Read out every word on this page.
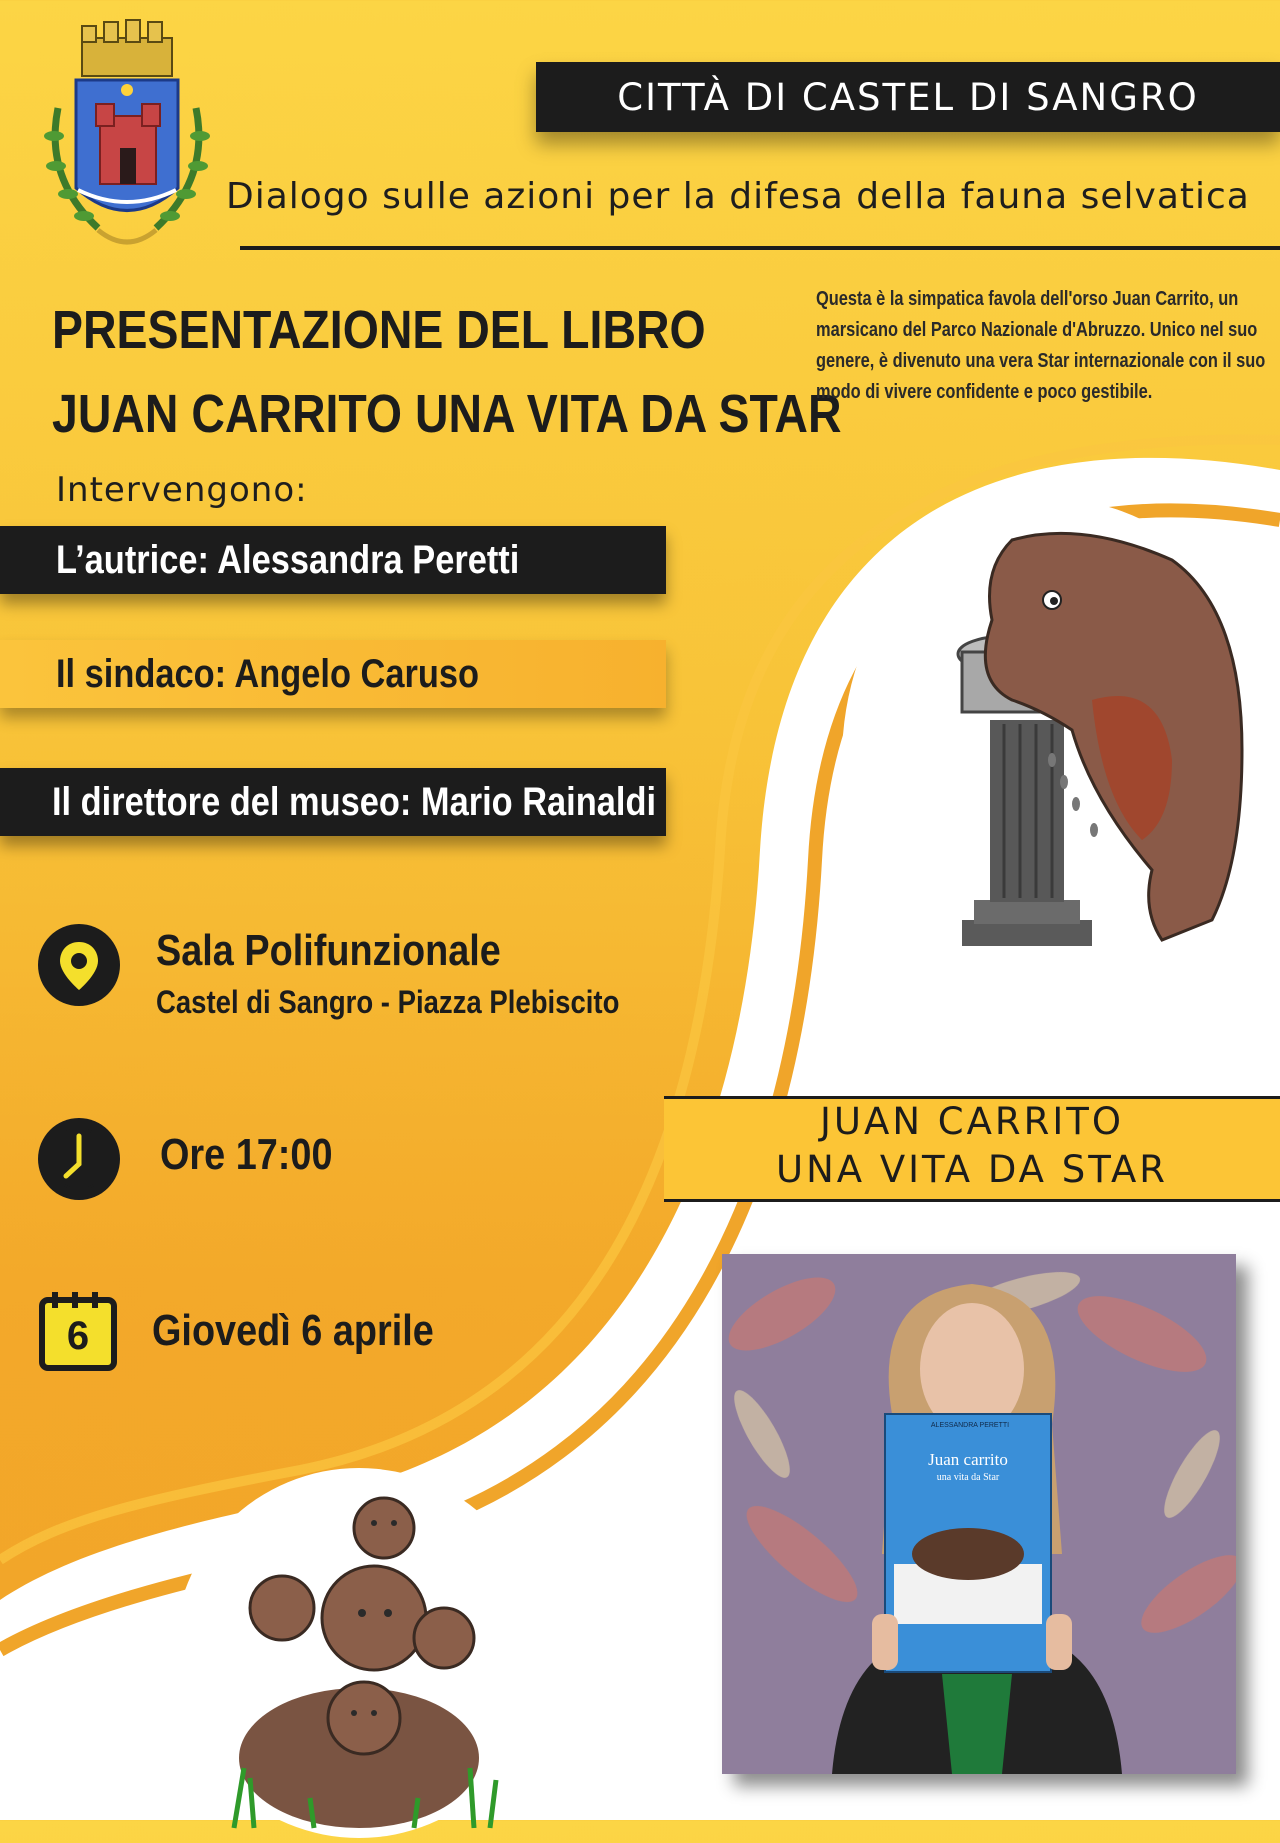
CITTÀ DI CASTEL DI SANGRO
Dialogo sulle azioni per la difesa della fauna selvatica
PRESENTAZIONE DEL LIBRO
JUAN CARRITO UNA VITA DA STAR
Questa è la simpatica favola dell'orso Juan Carrito, un marsicano del Parco Nazionale d'Abruzzo. Unico nel suo genere, è divenuto una vera Star internazionale con il suo modo di vivere confidente e poco gestibile.
Intervengono:
L’autrice: Alessandra Peretti
Il sindaco: Angelo Caruso
Il direttore del museo: Mario Rainaldi
Sala Polifunzionale
Castel di Sangro - Piazza Plebiscito
Ore 17:00
6	Giovedì 6 aprile
JUAN CARRITO
UNA VITA DA STAR
ALESSANDRA PERETTI
Juan carrito
una vita da Star
